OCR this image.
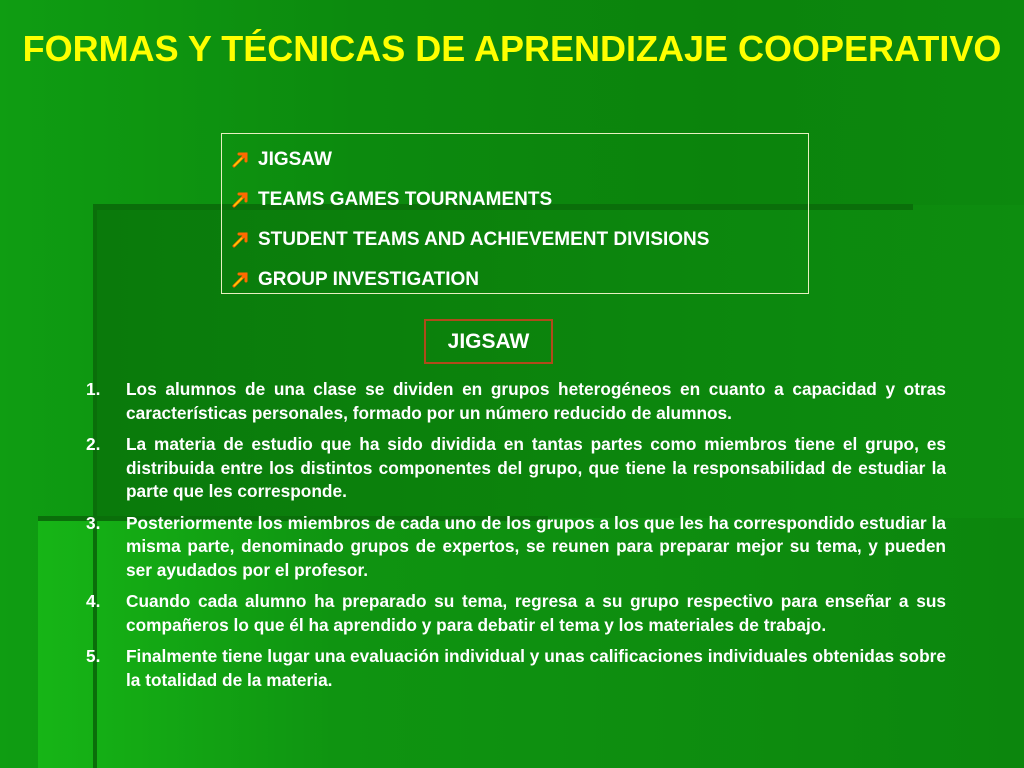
FORMAS Y TÉCNICAS DE APRENDIZAJE COOPERATIVO
JIGSAW
TEAMS GAMES TOURNAMENTS
STUDENT TEAMS AND ACHIEVEMENT DIVISIONS
GROUP INVESTIGATION
JIGSAW
1.	Los alumnos de una clase se dividen en grupos heterogéneos en cuanto a capacidad y otras características personales, formado por un número reducido de alumnos.
2.	La materia de estudio que ha sido dividida en tantas partes como miembros tiene el grupo, es distribuida entre los distintos componentes del grupo, que tiene la responsabilidad de estudiar la parte que les corresponde.
3.	Posteriormente los miembros de cada uno de los grupos a los que les ha correspondido estudiar la misma parte, denominado grupos de expertos, se reunen para preparar mejor su tema, y pueden ser ayudados por el profesor.
4.	Cuando cada alumno ha preparado su tema, regresa a su grupo respectivo para enseñar a sus compañeros lo que él ha aprendido y para debatir el tema y los materiales de trabajo.
5.	Finalmente tiene lugar una evaluación individual y unas calificaciones individuales obtenidas sobre la totalidad de la materia.
